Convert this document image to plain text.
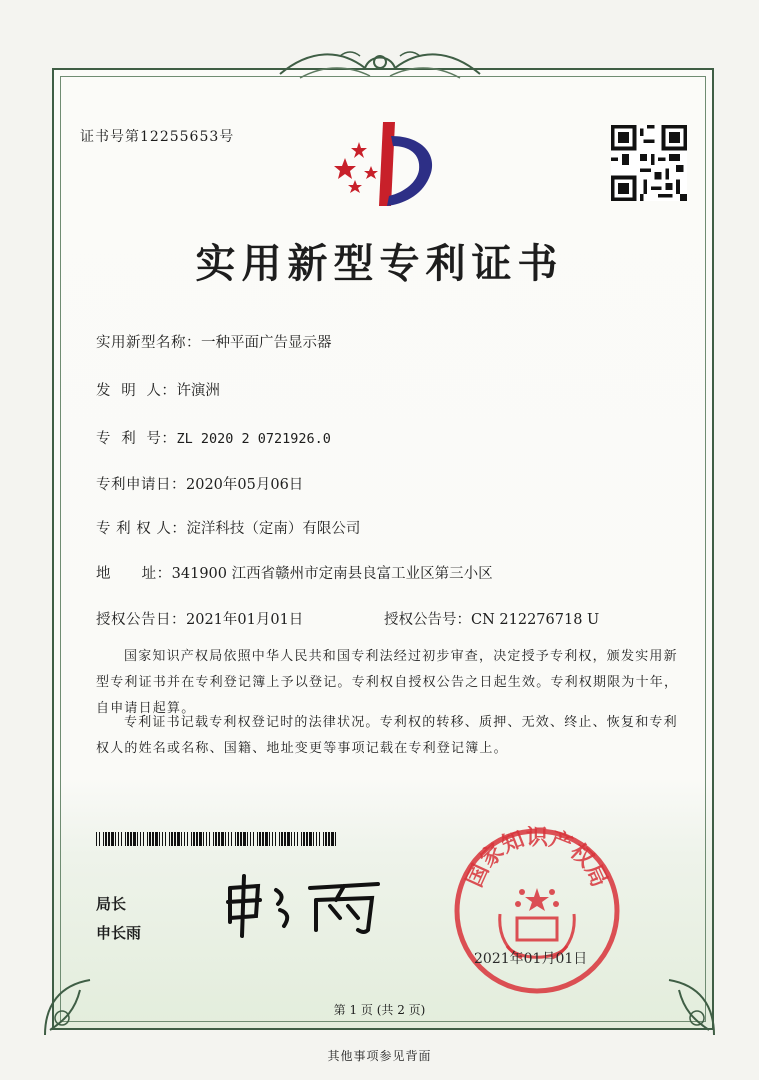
证书号第12255653号
实用新型专利证书
实用新型名称：一种平面广告显示器
发  明  人：许演洲
专  利  号：ZL 2020 2 0721926.0
专利申请日：2020年05月06日
专 利 权 人：淀洋科技（定南）有限公司
地      址：341900 江西省赣州市定南县良富工业区第三小区
授权公告日：2021年01月01日	授权公告号：CN 212276718 U
国家知识产权局依照中华人民共和国专利法经过初步审查，决定授予专利权，颁发实用新型专利证书并在专利登记簿上予以登记。专利权自授权公告之日起生效。专利权期限为十年，自申请日起算。
专利证书记载专利权登记时的法律状况。专利权的转移、质押、无效、终止、恢复和专利权人的姓名或名称、国籍、地址变更等事项记载在专利登记簿上。
局长
申长雨
国家知识产权局
2021年01月01日
第 1 页 (共 2 页)
其他事项参见背面
